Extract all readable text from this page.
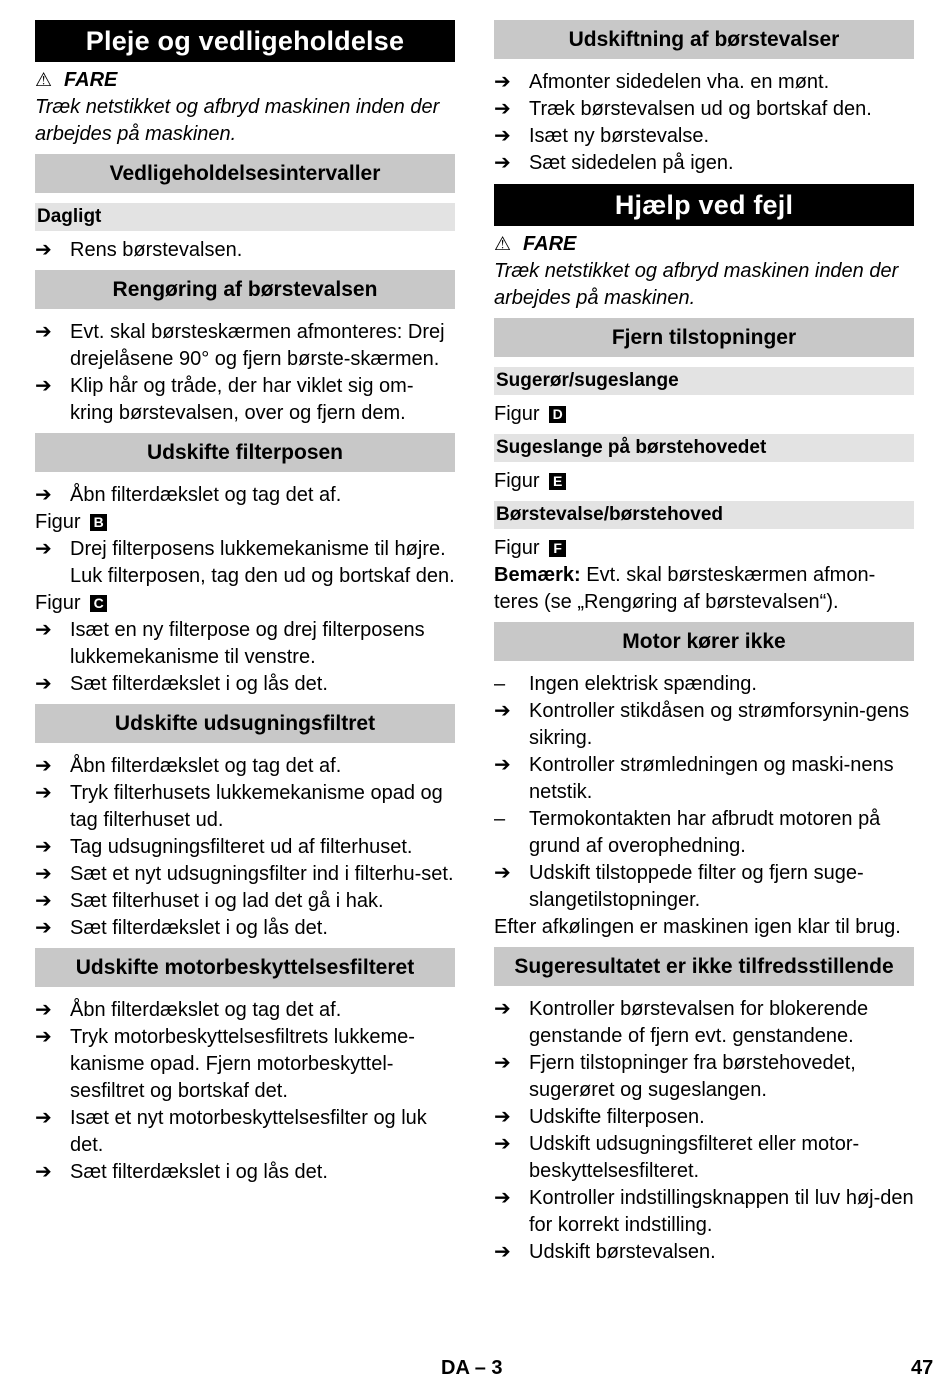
Pleje og vedligeholdelse
⚠ FARE
Træk netstikket og afbryd maskinen inden der arbejdes på maskinen.
Vedligeholdelsesintervaller
Dagligt
➔ Rens børstevalsen.
Rengøring af børstevalsen
➔ Evt. skal børsteskærmen afmonteres: Drej drejelåsene 90° og fjern børste-skærmen.
➔ Klip hår og tråde, der har viklet sig om-kring børstevalsen, over og fjern dem.
Udskifte filterposen
➔ Åbn filterdækslet og tag det af.
Figur B
➔ Drej filterposens lukkemekanisme til højre. Luk filterposen, tag den ud og bortskaf den.
Figur C
➔ Isæt en ny filterpose og drej filterposens lukkemekanisme til venstre.
➔ Sæt filterdækslet i og lås det.
Udskifte udsugningsfiltret
➔ Åbn filterdækslet og tag det af.
➔ Tryk filterhusets lukkemekanisme opad og tag filterhuset ud.
➔ Tag udsugningsfilteret ud af filterhuset.
➔ Sæt et nyt udsugningsfilter ind i filterhu-set.
➔ Sæt filterhuset i og lad det gå i hak.
➔ Sæt filterdækslet i og lås det.
Udskifte motorbeskyttelsesfilteret
➔ Åbn filterdækslet og tag det af.
➔ Tryk motorbeskyttelsesfiltrets lukkeme-kanisme opad. Fjern motorbeskyttel-sesfiltret og bortskaf det.
➔ Isæt et nyt motorbeskyttelsesfilter og luk det.
➔ Sæt filterdækslet i og lås det.
Udskiftning af børstevalser
➔ Afmonter sidedelen vha. en mønt.
➔ Træk børstevalsen ud og bortskaf den.
➔ Isæt ny børstevalse.
➔ Sæt sidedelen på igen.
Hjælp ved fejl
⚠ FARE
Træk netstikket og afbryd maskinen inden der arbejdes på maskinen.
Fjern tilstopninger
Sugerør/sugeslange
Figur D
Sugeslange på børstehovedet
Figur E
Børstevalse/børstehoved
Figur F
Bemærk: Evt. skal børsteskærmen afmon-teres (se „Rengøring af børstevalsen“).
Motor kører ikke
–	Ingen elektrisk spænding.
➔ Kontroller stikdåsen og strømforsynin-gens sikring.
➔ Kontroller strømledningen og maski-nens netstik.
–	Termokontakten har afbrudt motoren på grund af overophedning.
➔ Udskift tilstoppede filter og fjern suge-slangetilstopninger.
Efter afkølingen er maskinen igen klar til brug.
Sugeresultatet er ikke tilfredsstillende
➔ Kontroller børstevalsen for blokerende genstande of fjern evt. genstandene.
➔ Fjern tilstopninger fra børstehovedet, sugerøret og sugeslangen.
➔ Udskifte filterposen.
➔ Udskift udsugningsfilteret eller motor-beskyttelsesfilteret.
➔ Kontroller indstillingsknappen til luv høj-den for korrekt indstilling.
➔ Udskift børstevalsen.
DA – 3	47
